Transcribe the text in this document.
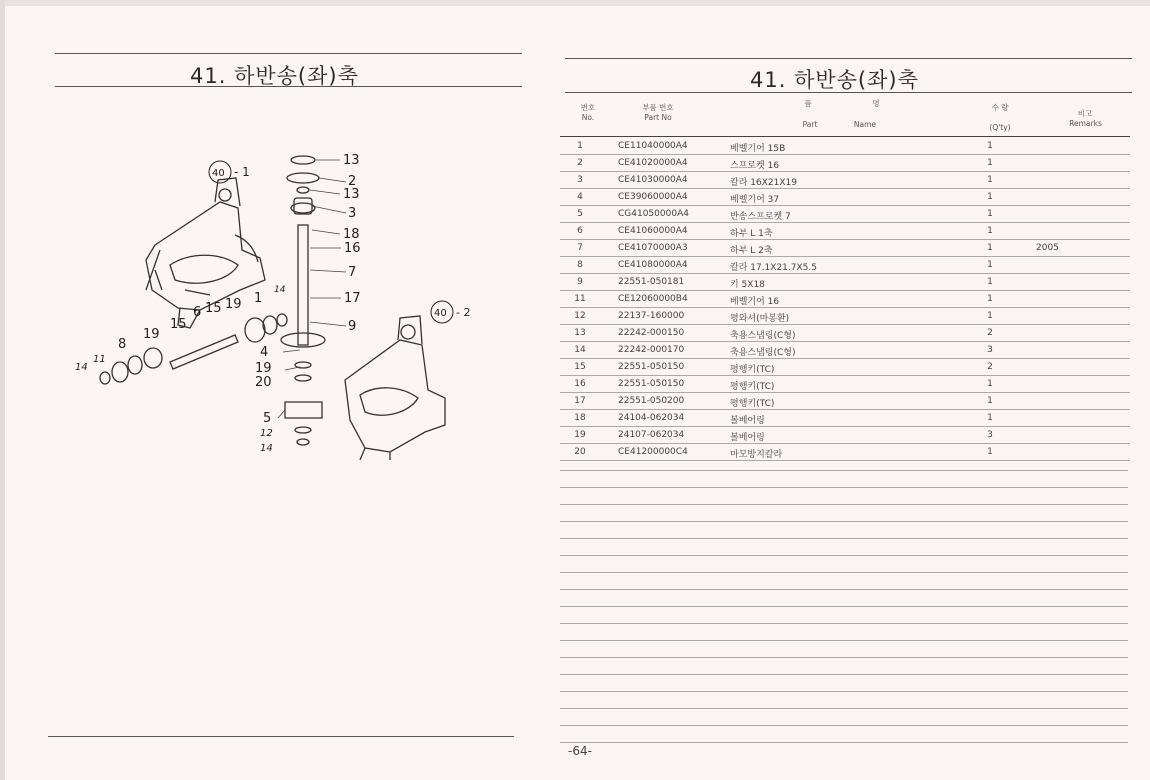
41. 하반송(좌)축
40 - 1
40 - 2
13
2
13
3
18
16
7
14
17
9
1
19
6 15
15
19
8
11
14
4
19
20
5
12
14
41. 하반송(좌)축
번호
No.
부품 번호
Part No
품	명
Part	Name
수 량
(Q'ty)
비고
Remarks
1	CE11040000A4	베벨기어 15B	1
2	CE41020000A4	스프로켓 16	1
3	CE41030000A4	칼라 16X21X19	1
4	CE39060000A4	베벨기어 37	1
5	CG41050000A4	반송스프로켓 7	1
6	CE41060000A4	하부 L 1축	1
7	CE41070000A3	하부 L 2축	1	2005
8	CE41080000A4	칼라 17.1X21.7X5.5	1
9	22551-050181	키 5X18	1
11	CE12060000B4	베벨기어 16	1
12	22137-160000	평와셔(마봉환)	1
13	22242-000150	축용스냅링(C형)	2
14	22242-000170	축용스냅링(C형)	3
15	22551-050150	평행키(TC)	2
16	22551-050150	평행키(TC)	1
17	22551-050200	평행키(TC)	1
18	24104-062034	볼베어링	1
19	24107-062034	볼베어링	3
20	CE41200000C4	마모방지칼라	1
-64-
